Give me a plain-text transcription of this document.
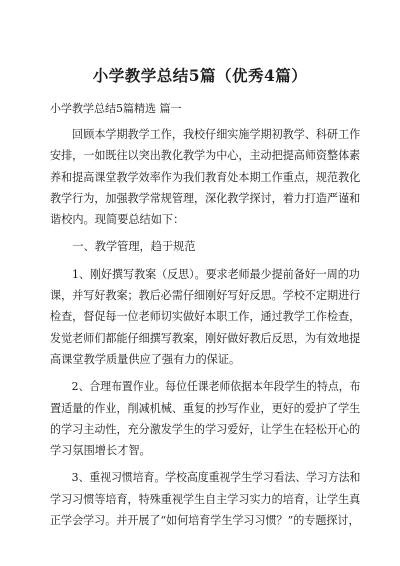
小学教学总结5篇（优秀4篇）
小学教学总结5篇精选 篇一
　　回顾本学期教学工作，我校仔细实施学期初教学、科研工作
安排，一如既往以突出教化教学为中心，主动把提高师资整体素
养和提高课堂教学效率作为我们教育处本期工作重点，规范教化
教学行为，加强教学常规管理，深化教学探讨，着力打造严谨和
谐校内。现简要总结如下：
　　一、教学管理，趋于规范
　　1、刚好撰写教案（反思）。要求老师最少提前备好一周的功
课，并写好教案；教后必需仔细刚好写好反思。学校不定期进行
检查，督促每一位老师切实做好本职工作，通过教学工作检查，
发觉老师们都能仔细撰写教案，刚好做好教后反思，为有效地提
高课堂教学质量供应了强有力的保证。
　　2、合理布置作业。每位任课老师依据本年段学生的特点，布
置适量的作业，削减机械、重复的抄写作业，更好的爱护了学生
的学习主动性，充分激发学生的学习爱好，让学生在轻松开心的
学习氛围增长才智。
　　3、重视习惯培育。学校高度重视学生学习看法、学习方法和
学习习惯等培育，特殊重视学生自主学习实力的培育，让学生真
正学会学习。并开展了“如何培育学生学习习惯？”的专题探讨，
